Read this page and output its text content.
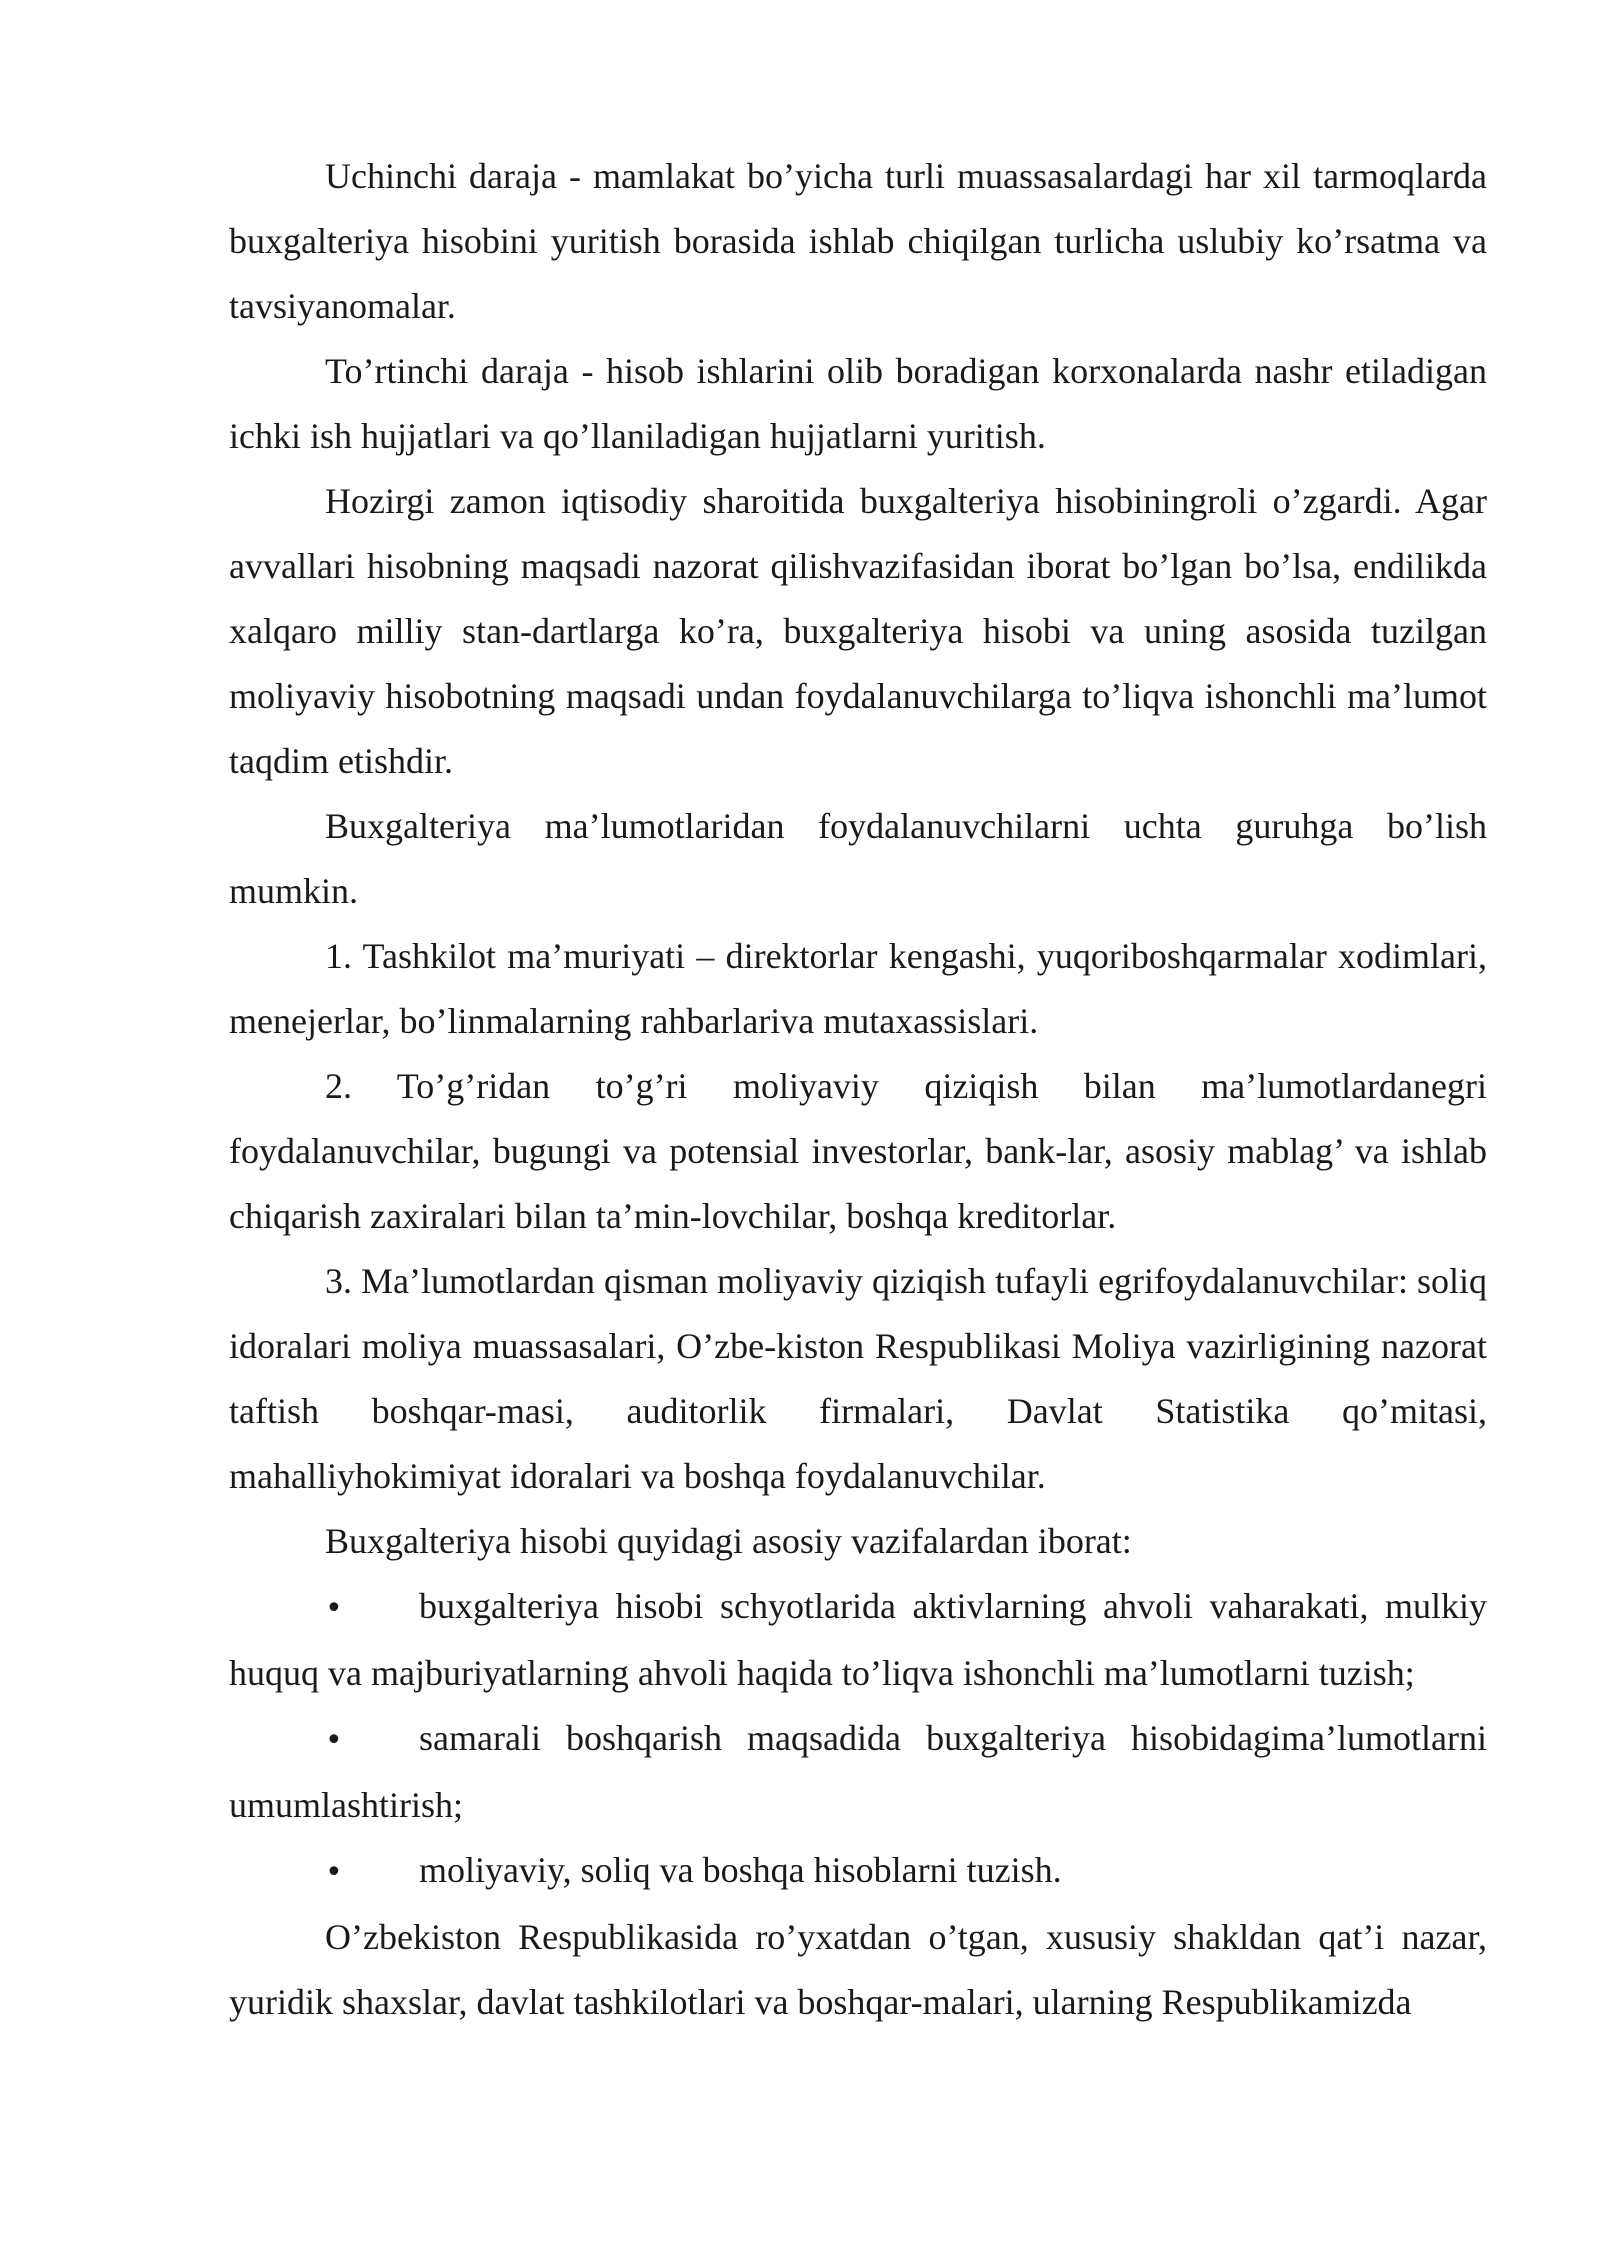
Uchinchi daraja - mamlakat bo’yicha turli muassasalardagi har xil tarmoqlarda buxgalteriya hisobini yuritish borasida ishlab chiqilgan turlicha uslubiy ko’rsatma va tavsiyanomalar.

To’rtinchi daraja - hisob ishlarini olib boradigan korxonalarda nashr etiladigan ichki ish hujjatlari va qo’llaniladigan hujjatlarni yuritish.

Hozirgi zamon iqtisodiy sharoitida buxgalteriya hisobiningroli o’zgardi. Agar avvallari hisobning maqsadi nazorat qilishvazifasidan iborat bo’lgan bo’lsa, endilikda xalqaro milliy stan-dartlarga ko’ra, buxgalteriya hisobi va uning asosida tuzilgan moliyaviy hisobotning maqsadi undan foydalanuvchilarga to’liqva ishonchli ma’lumot taqdim etishdir.

Buxgalteriya ma’lumotlaridan foydalanuvchilarni uchta guruhga bo’lish mumkin.

1. Tashkilot ma’muriyati – direktorlar kengashi, yuqoriboshqarmalar xodimlari, menejerlar, bo’linmalarning rahbarlariva mutaxassislari.

2. To’g’ridan to’g’ri moliyaviy qiziqish bilan ma’lumotlardanegri foydalanuvchilar, bugungi va potensial investorlar, bank-lar, asosiy mablag’ va ishlab chiqarish zaxiralari bilan ta’min-lovchilar, boshqa kreditorlar.

3. Ma’lumotlardan qisman moliyaviy qiziqish tufayli egrifoydalanuvchilar: soliq idoralari moliya muassasalari, O’zbe-kiston Respublikasi Moliya vazirligining nazorat taftish boshqar-masi, auditorlik firmalari, Davlat Statistika qo’mitasi, mahalliyhokimiyat idoralari va boshqa foydalanuvchilar.

Buxgalteriya hisobi quyidagi asosiy vazifalardan iborat:

• buxgalteriya hisobi schyotlarida aktivlarning ahvoli vaharakati, mulkiy huquq va majburiyatlarning ahvoli haqida to’liqva ishonchli ma’lumotlarni tuzish;

• samarali boshqarish maqsadida buxgalteriya hisobidagima’lumotlarni umumlashtirish;

• moliyaviy, soliq va boshqa hisoblarni tuzish.

O’zbekiston Respublikasida ro’yxatdan o’tgan, xususiy shakldan qat’i nazar, yuridik shaxslar, davlat tashkilotlari va boshqar-malari, ularning Respublikamizda
